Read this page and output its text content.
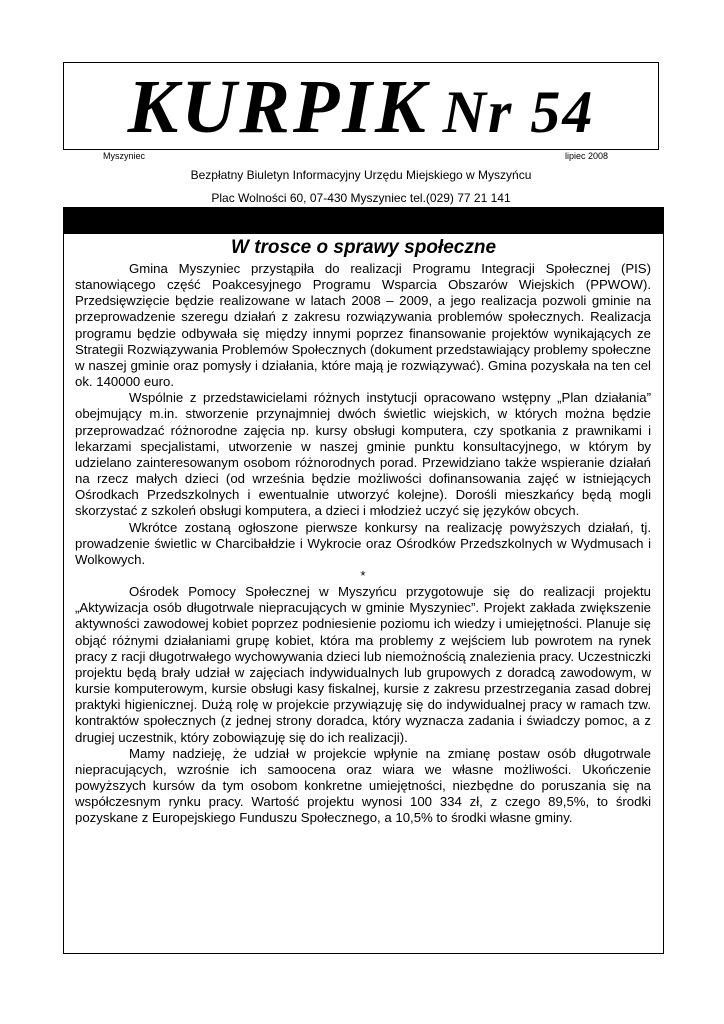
KURPIK Nr 54
Myszyniec	lipiec 2008
Bezpłatny Biuletyn Informacyjny Urzędu Miejskiego w Myszyńcu
Plac Wolności 60, 07-430 Myszyniec tel.(029) 77 21 141
W trosce o sprawy społeczne

Gmina Myszyniec przystąpiła do realizacji Programu Integracji Społecznej (PIS) stanowiącego część Poakcesyjnego Programu Wsparcia Obszarów Wiejskich (PPWOW). Przedsięwzięcie będzie realizowane w latach 2008 – 2009, a jego realizacja pozwoli gminie na przeprowadzenie szeregu działań z zakresu rozwiązywania problemów społecznych. Realizacja programu będzie odbywała się między innymi poprzez finansowanie projektów wynikających ze Strategii Rozwiązywania Problemów Społecznych (dokument przedstawiający problemy społeczne w naszej gminie oraz pomysły i działania, które mają je rozwiązywać). Gmina pozyskała na ten cel ok. 140000 euro.

Wspólnie z przedstawicielami różnych instytucji opracowano wstępny „Plan działania” obejmujący m.in. stworzenie przynajmniej dwóch świetlic wiejskich, w których można będzie przeprowadzać różnorodne zajęcia np. kursy obsługi komputera, czy spotkania z prawnikami i lekarzami specjalistami, utworzenie w naszej gminie punktu konsultacyjnego, w którym by udzielano zainteresowanym osobom różnorodnych porad. Przewidziano także wspieranie działań na rzecz małych dzieci (od września będzie możliwości dofinansowania zajęć w istniejących Ośrodkach Przedszkolnych i ewentualnie utworzyć kolejne). Dorośli mieszkańcy będą mogli skorzystać z szkoleń obsługi komputera, a dzieci i młodzież uczyć się języków obcych.

Wkrótce zostaną ogłoszone pierwsze konkursy na realizację powyższych działań, tj. prowadzenie świetlic w Charcibałdzie i Wykrocie oraz Ośrodków Przedszkolnych w Wydmusach i Wolkowych.

*

Ośrodek Pomocy Społecznej w Myszyńcu przygotowuje się do realizacji projektu „Aktywizacja osób długotrwale niepracujących w gminie Myszyniec”. Projekt zakłada zwiększenie aktywności zawodowej kobiet poprzez podniesienie poziomu ich wiedzy i umiejętności. Planuje się objąć różnymi działaniami grupę kobiet, która ma problemy z wejściem lub powrotem na rynek pracy z racji długotrwałego wychowywania dzieci lub niemożnością znalezienia pracy. Uczestniczki projektu będą brały udział w zajęciach indywidualnych lub grupowych z doradcą zawodowym, w kursie komputerowym, kursie obsługi kasy fiskalnej, kursie z zakresu przestrzegania zasad dobrej praktyki higienicznej. Dużą rolę w projekcie przywiązuję się do indywidualnej pracy w ramach tzw. kontraktów społecznych (z jednej strony doradca, który wyznacza zadania i świadczy pomoc, a z drugiej uczestnik, który zobowiązuję się do ich realizacji).

Mamy nadzieję, że udział w projekcie wpłynie na zmianę postaw osób długotrwale niepracujących, wzrośnie ich samoocena oraz wiara we własne możliwości. Ukończenie powyższych kursów da tym osobom konkretne umiejętności, niezbędne do poruszania się na współczesnym rynku pracy. Wartość projektu wynosi 100 334 zł, z czego 89,5%, to środki pozyskane z Europejskiego Funduszu Społecznego, a 10,5% to środki własne gminy.
